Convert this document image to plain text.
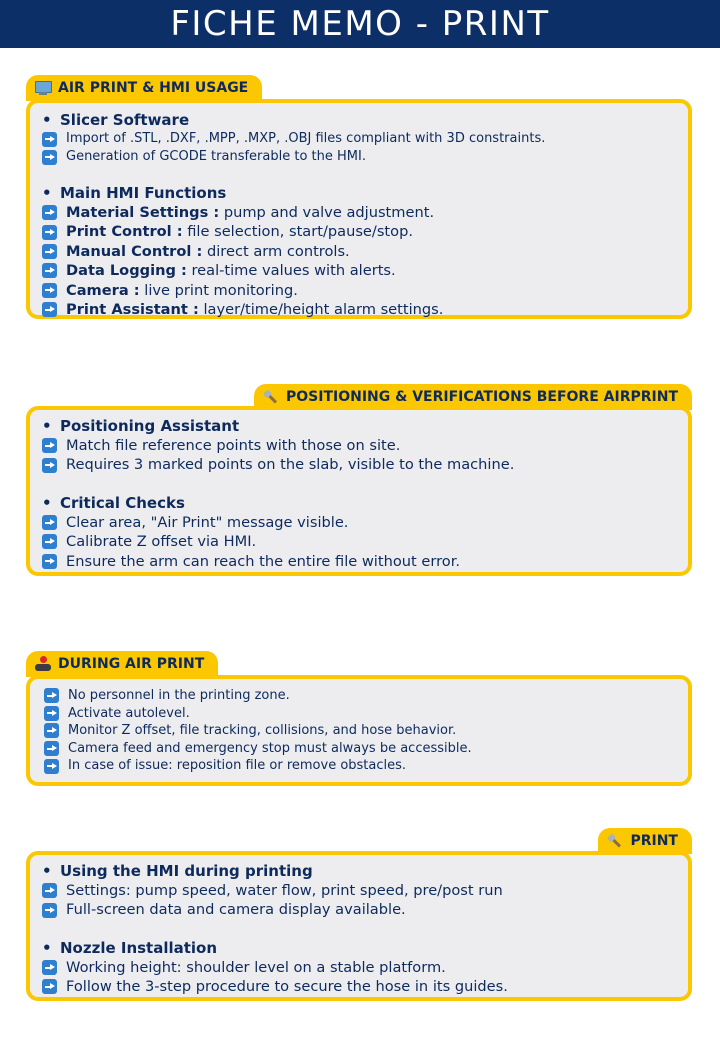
FICHE MEMO - PRINT
AIR PRINT & HMI USAGE
• Slicer Software
Import of .STL, .DXF, .MPP, .MXP, .OBJ files compliant with 3D constraints.
Generation of GCODE transferable to the HMI.
• Main HMI Functions
Material Settings : pump and valve adjustment.
Print Control : file selection, start/pause/stop.
Manual Control : direct arm controls.
Data Logging : real-time values with alerts.
Camera : live print monitoring.
Print Assistant : layer/time/height alarm settings.
POSITIONING & VERIFICATIONS BEFORE AIRPRINT
• Positioning Assistant
Match file reference points with those on site.
Requires 3 marked points on the slab, visible to the machine.
• Critical Checks
Clear area, "Air Print" message visible.
Calibrate Z offset via HMI.
Ensure the arm can reach the entire file without error.
DURING AIR PRINT
No personnel in the printing zone.
Activate autolevel.
Monitor Z offset, file tracking, collisions, and hose behavior.
Camera feed and emergency stop must always be accessible.
In case of issue: reposition file or remove obstacles.
PRINT
• Using the HMI during printing
Settings: pump speed, water flow, print speed, pre/post run
Full-screen data and camera display available.
• Nozzle Installation
Working height: shoulder level on a stable platform.
Follow the 3-step procedure to secure the hose in its guides.
